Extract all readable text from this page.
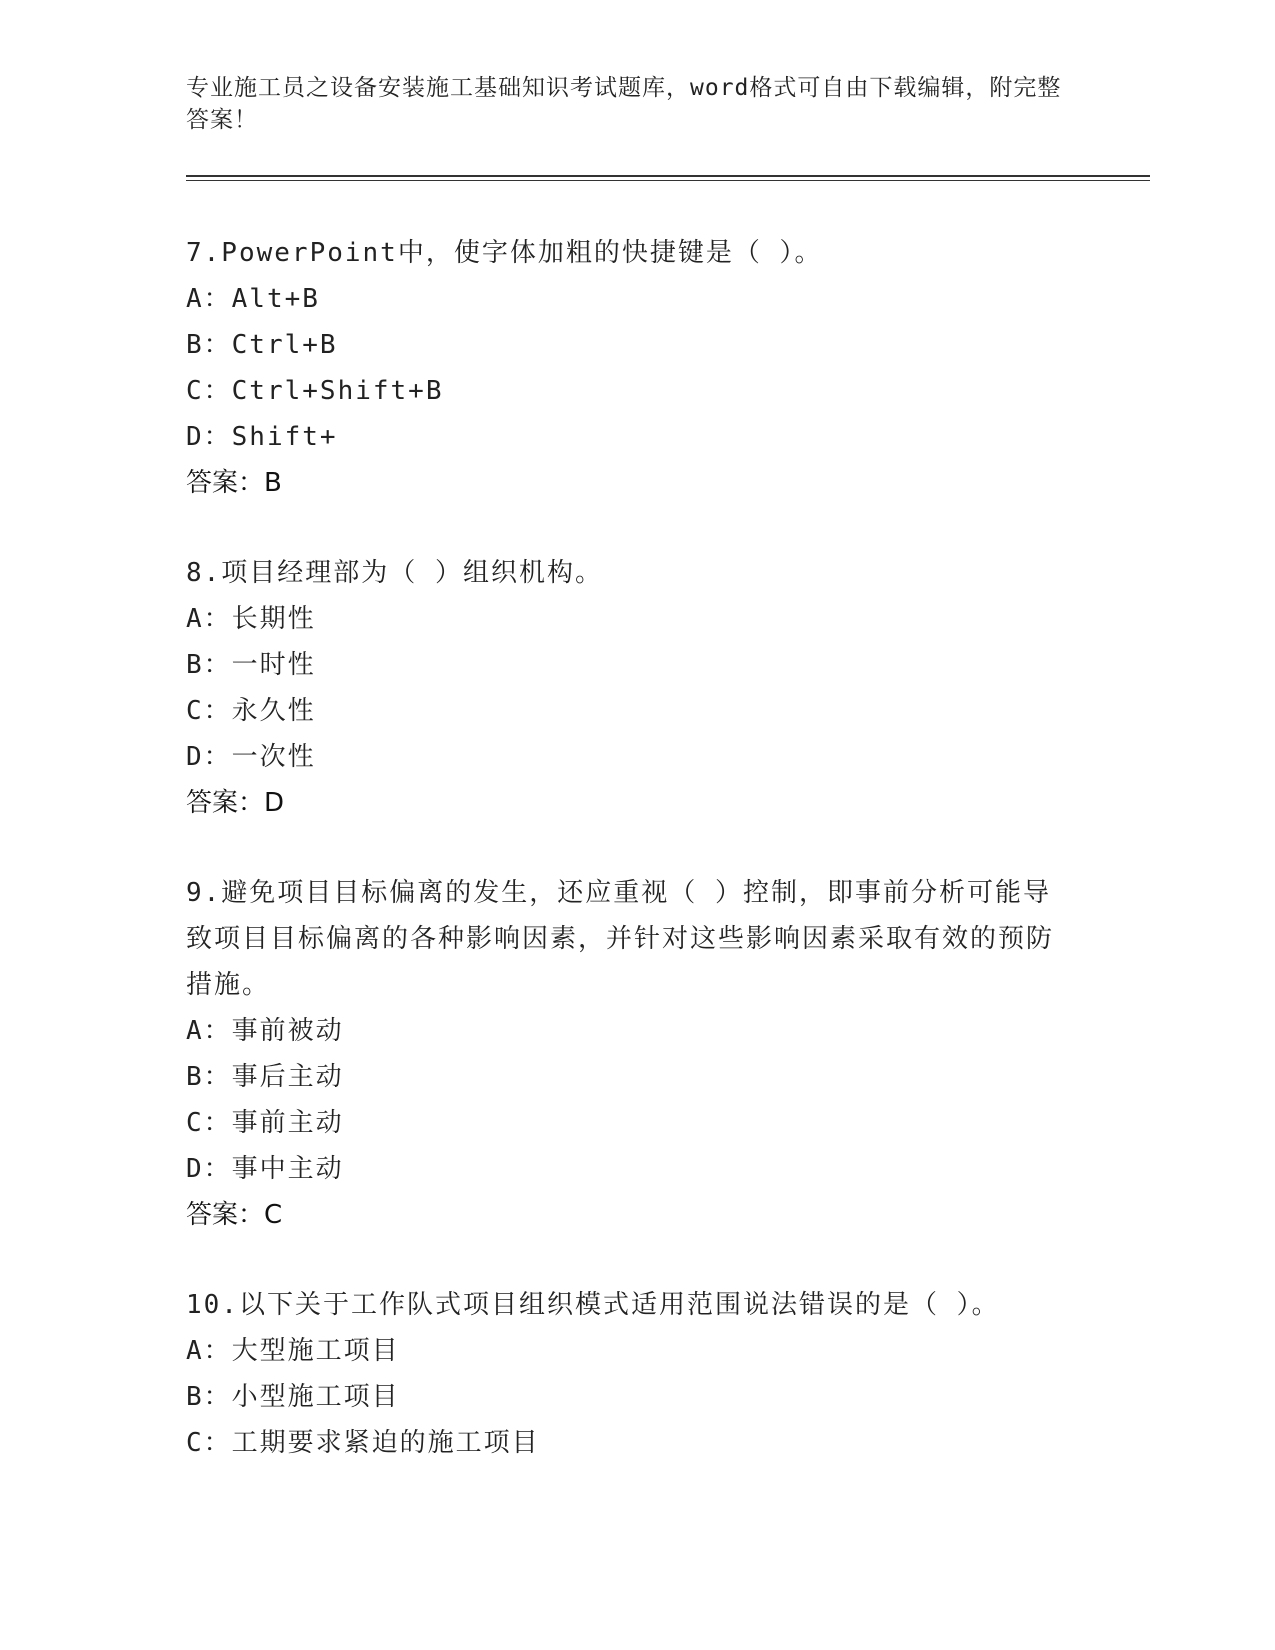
专业施工员之设备安装施工基础知识考试题库，word格式可自由下载编辑，附完整答案！
7.PowerPoint中，使字体加粗的快捷键是（ ）。
A：Alt+B
B：Ctrl+B
C：Ctrl+Shift+B
D：Shift+
答案：B
8.项目经理部为（ ）组织机构。
A：长期性
B：一时性
C：永久性
D：一次性
答案：D
9.避免项目目标偏离的发生，还应重视（ ）控制，即事前分析可能导致项目目标偏离的各种影响因素，并针对这些影响因素采取有效的预防措施。
A：事前被动
B：事后主动
C：事前主动
D：事中主动
答案：C
10.以下关于工作队式项目组织模式适用范围说法错误的是（ ）。
A：大型施工项目
B：小型施工项目
C：工期要求紧迫的施工项目
